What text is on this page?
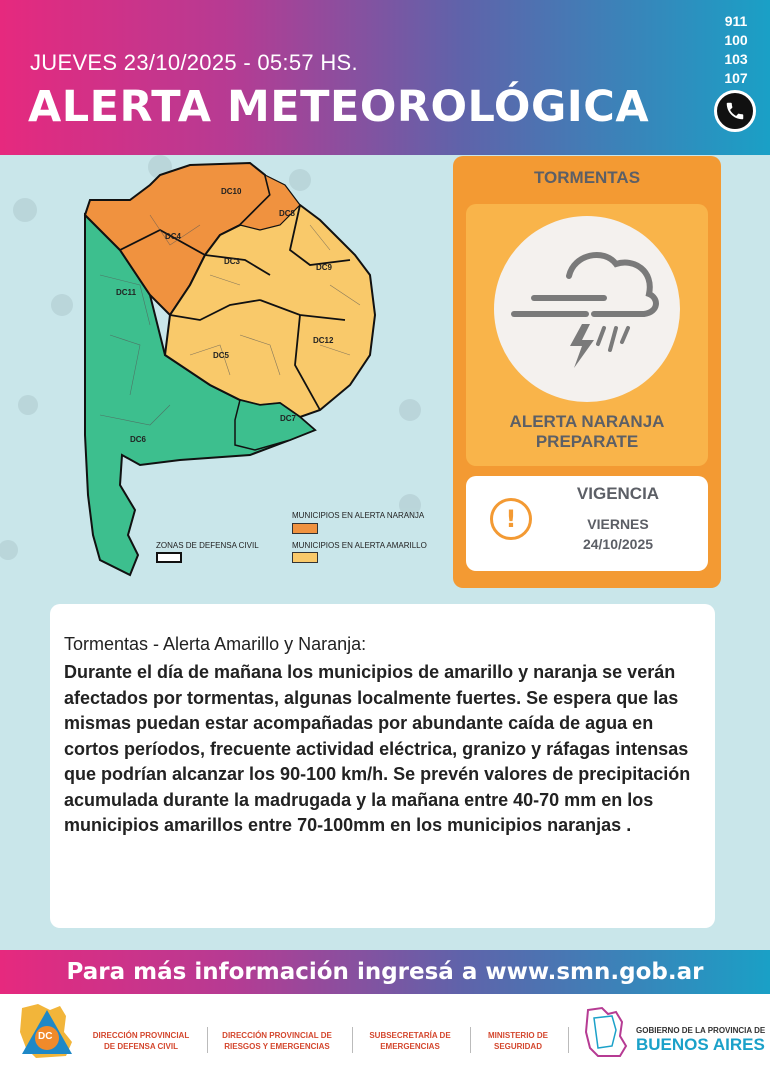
JUEVES 23/10/2025 - 05:57 HS.
ALERTA METEOROLÓGICA
911
100
103
107
DC10
DC8
DC4
DC3
DC9
DC11
DC12
DC5
DC7
DC6
MUNICIPIOS EN ALERTA NARANJA
ZONAS DE DEFENSA CIVIL	MUNICIPIOS EN ALERTA AMARILLO
TORMENTAS
ALERTA NARANJA
PREPARATE
!
VIGENCIA
VIERNES
24/10/2025
Tormentas - Alerta Amarillo y Naranja:
Durante el día de mañana los municipios de amarillo y naranja se verán afectados por tormentas, algunas localmente fuertes. Se espera que las mismas puedan estar acompañadas por abundante caída de agua en cortos períodos, frecuente actividad eléctrica, granizo y ráfagas intensas que podrían alcanzar los 90-100 km/h. Se prevén valores de precipitación acumulada durante la madrugada y la mañana entre 40-70 mm en los municipios amarillos entre 70-100mm en los municipios naranjas .
Para más información ingresá a www.smn.gob.ar
DC	DIRECCIÓN PROVINCIAL
DE DEFENSA CIVIL
DIRECCIÓN PROVINCIAL DE
RIESGOS Y EMERGENCIAS
SUBSECRETARÍA DE
EMERGENCIAS
MINISTERIO DE
SEGURIDAD
GOBIERNO DE LA PROVINCIA DE
BUENOS AIRES
